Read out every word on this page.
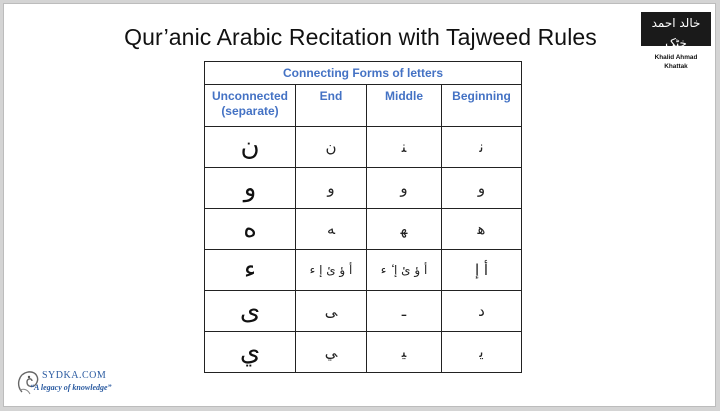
Qur’anic Arabic Recitation with Tajweed Rules
خالد احمد خٹک
Khalid Ahmad Khattak
Connecting Forms of letters			
Unconnected
(separate)	End	Middle	Beginning
ن	ن	ﻨ	ﻧ
و	و	و	و
ه	ﻪ	ﻬ	ﻫ
ء	أ ؤ ئ إ ء	أ ؤ ئ إ ٔ ء	أ إ
ى	ﻰ	ـ	ﺩ
ي	ﻲ	ﻴ	ﻳ
SYDKA.COM
“A legacy of knowledge”
